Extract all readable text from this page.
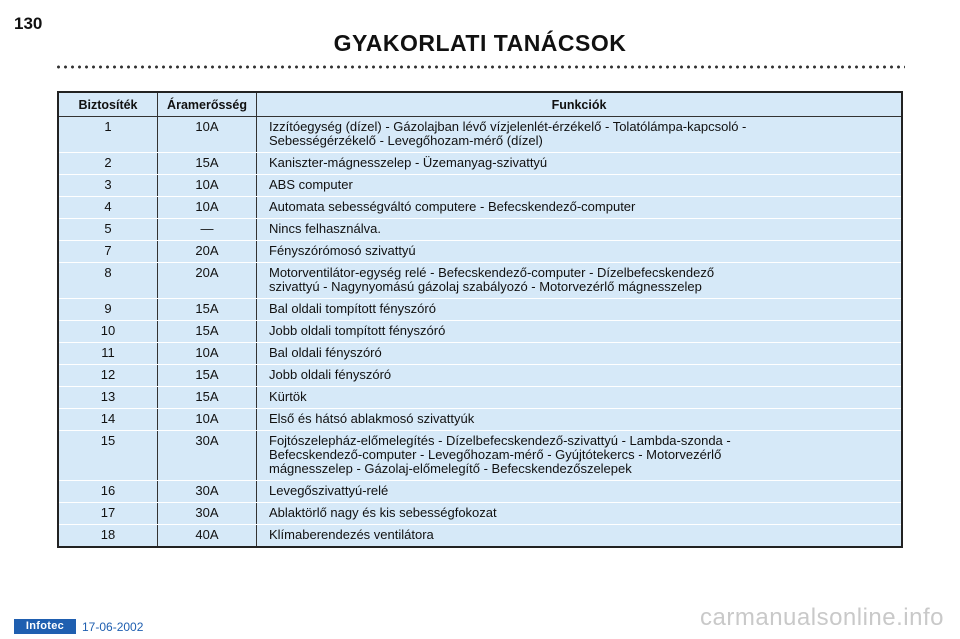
130
GYAKORLATI TANÁCSOK
Biztosíték	Áramerősség	Funkciók
1	10A	Izzítóegység (dízel) - Gázolajban lévő vízjelenlét-érzékelő - Tolatólámpa-kapcsoló -
Sebességérzékelő - Levegőhozam-mérő (dízel)

2	15A	Kaniszter-mágnesszelep - Üzemanyag-szivattyú

3	10A	ABS computer

4	10A	Automata sebességváltó computere - Befecskendező-computer

5	—	Nincs felhasználva.

7	20A	Fényszórómosó szivattyú

8	20A	Motorventilátor-egység relé - Befecskendező-computer - Dízelbefecskendező
szivattyú - Nagynyomású gázolaj szabályozó - Motorvezérlő mágnesszelep

9	15A	Bal oldali tompított fényszóró

10	15A	Jobb oldali tompított fényszóró

11	10A	Bal oldali fényszóró

12	15A	Jobb oldali fényszóró

13	15A	Kürtök

14	10A	Első és hátsó ablakmosó szivattyúk

15	30A	Fojtószelepház-előmelegítés - Dízelbefecskendező-szivattyú - Lambda-szonda -
Befecskendező-computer - Levegőhozam-mérő - Gyújtótekercs - Motorvezérlő
mágnesszelep - Gázolaj-előmelegítő - Befecskendezőszelepek

16	30A	Levegőszivattyú-relé

17	30A	Ablaktörlő nagy és kis sebességfokozat

18	40A	Klímaberendezés ventilátora
Infotec	17-06-2002	carmanualsonline.info
